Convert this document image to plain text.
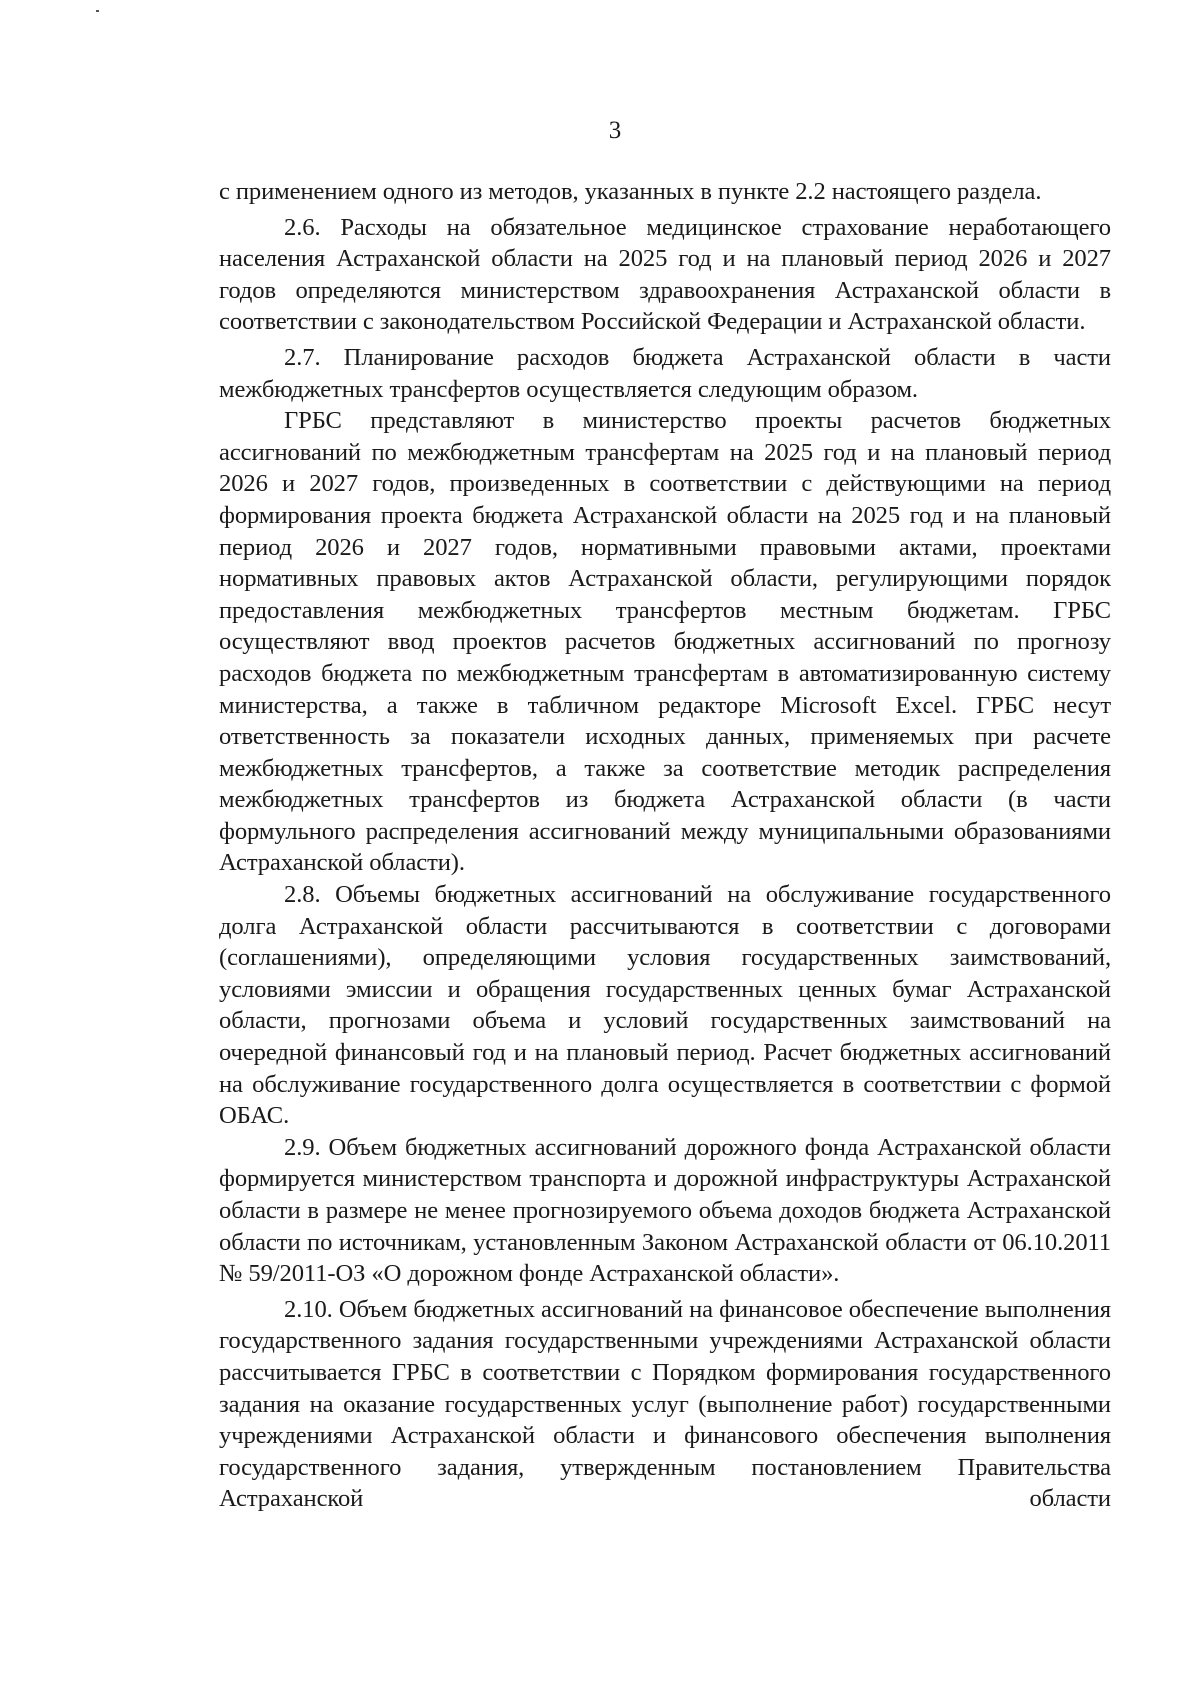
3

с применением одного из методов, указанных в пункте 2.2 настоящего раздела.

2.6. Расходы на обязательное медицинское страхование неработающего населения Астраханской области на 2025 год и на плановый период 2026 и 2027 годов определяются министерством здравоохранения Астраханской области в соответствии с законодательством Российской Федерации и Астраханской области.

2.7. Планирование расходов бюджета Астраханской области в части межбюджетных трансфертов осуществляется следующим образом.

ГРБС представляют в министерство проекты расчетов бюджетных ассигнований по межбюджетным трансфертам на 2025 год и на плановый период 2026 и 2027 годов, произведенных в соответствии с действующими на период формирования проекта бюджета Астраханской области на 2025 год и на плановый период 2026 и 2027 годов, нормативными правовыми актами, проектами нормативных правовых актов Астраханской области, регулирующими порядок предоставления межбюджетных трансфертов местным бюджетам. ГРБС осуществляют ввод проектов расчетов бюджетных ассигнований по прогнозу расходов бюджета по межбюджетным трансфертам в автоматизированную систему министерства, а также в табличном редакторе Microsoft Excel. ГРБС несут ответственность за показатели исходных данных, применяемых при расчете межбюджетных трансфертов, а также за соответствие методик распределения межбюджетных трансфертов из бюджета Астраханской области (в части формульного распределения ассигнований между муниципальными образованиями Астраханской области).

2.8. Объемы бюджетных ассигнований на обслуживание государственного долга Астраханской области рассчитываются в соответствии с договорами (соглашениями), определяющими условия государственных заимствований, условиями эмиссии и обращения государственных ценных бумаг Астраханской области, прогнозами объема и условий государственных заимствований на очередной финансовый год и на плановый период. Расчет бюджетных ассигнований на обслуживание государственного долга осуществляется в соответствии с формой ОБАС.

2.9. Объем бюджетных ассигнований дорожного фонда Астраханской области формируется министерством транспорта и дорожной инфраструктуры Астраханской области в размере не менее прогнозируемого объема доходов бюджета Астраханской области по источникам, установленным Законом Астраханской области от 06.10.2011 № 59/2011-ОЗ «О дорожном фонде Астраханской области».

2.10. Объем бюджетных ассигнований на финансовое обеспечение выполнения государственного задания государственными учреждениями Астраханской области рассчитывается ГРБС в соответствии с Порядком формирования государственного задания на оказание государственных услуг (выполнение работ) государственными учреждениями Астраханской области и финансового обеспечения выполнения государственного задания, утвержденным постановлением Правительства Астраханской области
